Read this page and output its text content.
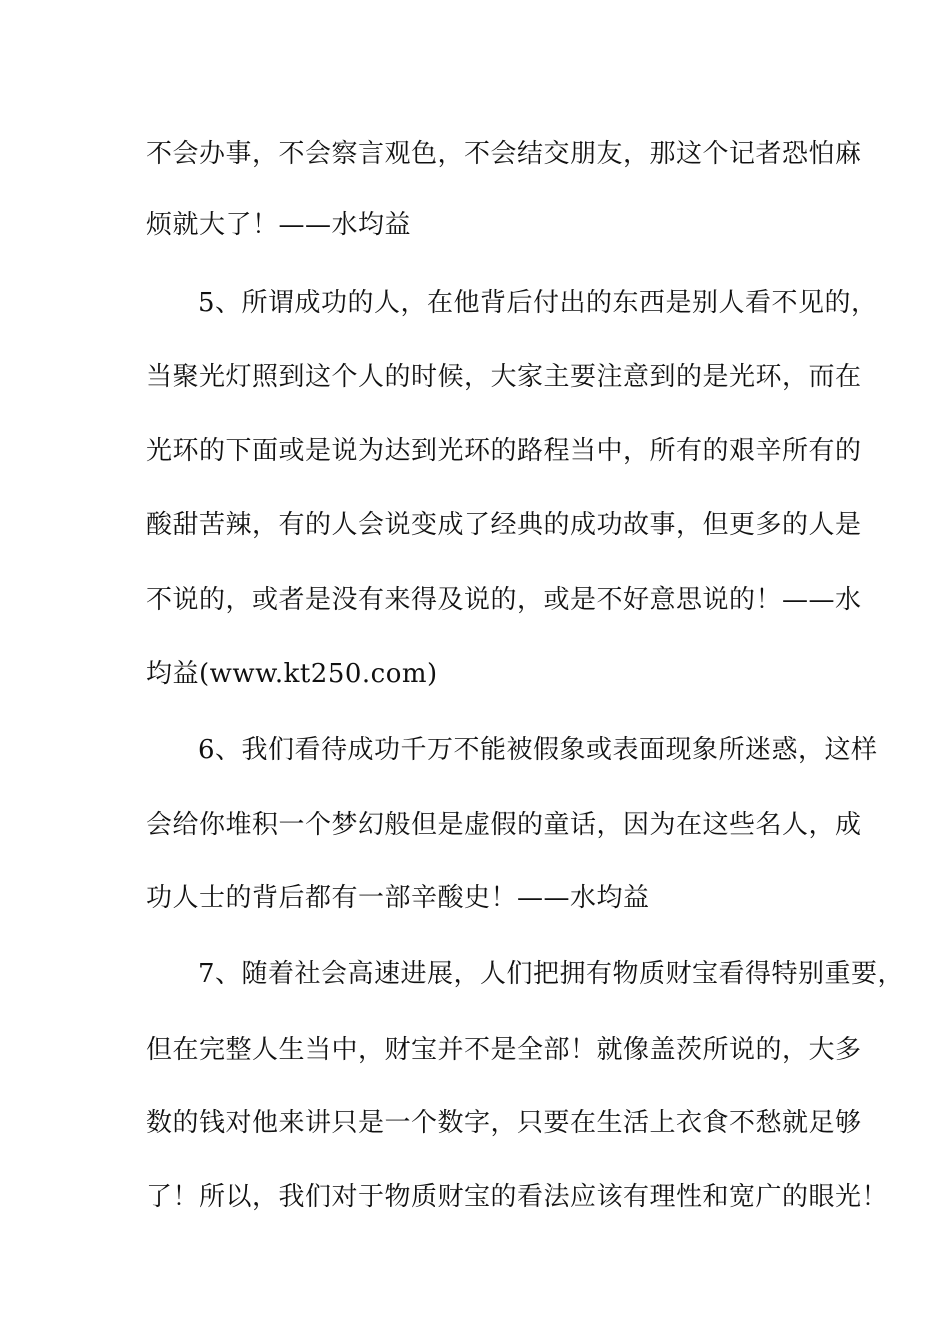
不会办事，不会察言观色，不会结交朋友，那这个记者恐怕麻
烦就大了！——水均益
5、所谓成功的人，在他背后付出的东西是别人看不见的，
当聚光灯照到这个人的时候，大家主要注意到的是光环，而在
光环的下面或是说为达到光环的路程当中，所有的艰辛所有的
酸甜苦辣，有的人会说变成了经典的成功故事，但更多的人是
不说的，或者是没有来得及说的，或是不好意思说的！——水
均益(www.kt250.com)
6、我们看待成功千万不能被假象或表面现象所迷惑，这样
会给你堆积一个梦幻般但是虚假的童话，因为在这些名人，成
功人士的背后都有一部辛酸史！——水均益
7、随着社会高速进展，人们把拥有物质财宝看得特别重要，
但在完整人生当中，财宝并不是全部！就像盖茨所说的，大多
数的钱对他来讲只是一个数字，只要在生活上衣食不愁就足够
了！所以，我们对于物质财宝的看法应该有理性和宽广的眼光！
